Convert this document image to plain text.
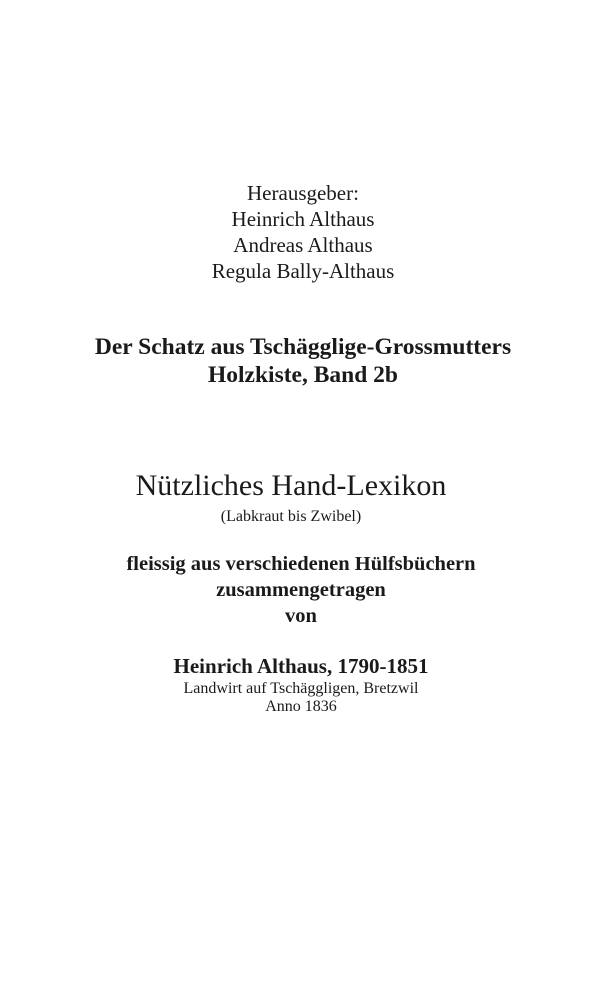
Herausgeber:
Heinrich Althaus
Andreas Althaus
Regula Bally-Althaus
Der Schatz aus Tschägglige-Grossmutters
Holzkiste, Band 2b
Nützliches Hand-Lexikon
(Labkraut bis Zwibel)
fleissig aus verschiedenen Hülfsbüchern
zusammengetragen
von
Heinrich Althaus, 1790-1851
Landwirt auf Tschäggligen, Bretzwil
Anno 1836
